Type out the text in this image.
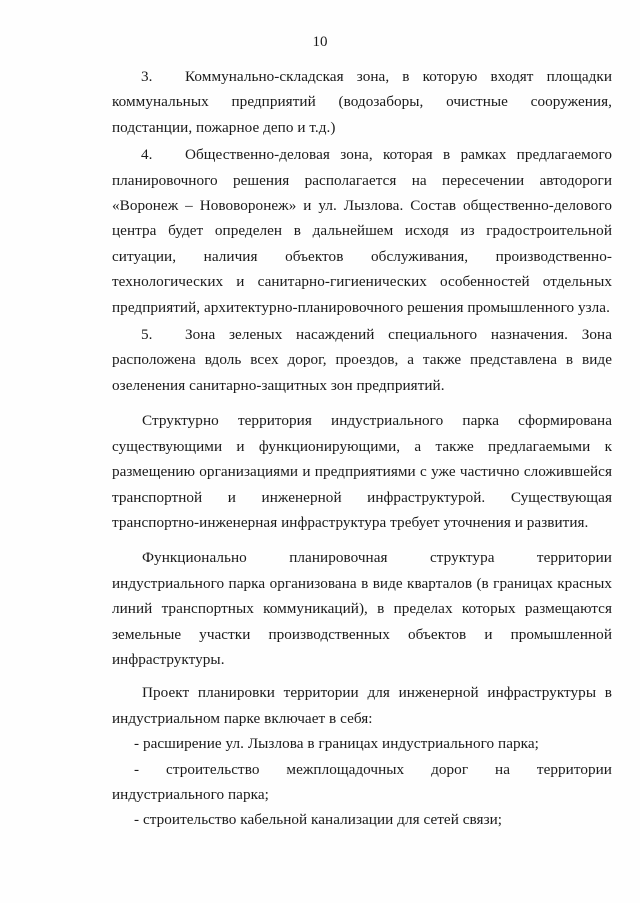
10

3. Коммунально-складская зона, в которую входят площадки коммунальных предприятий (водозаборы, очистные сооружения, подстанции, пожарное депо и т.д.)

4. Общественно-деловая зона, которая в рамках предлагаемого планировочного решения располагается на пересечении автодороги «Воронеж – Нововоронеж» и ул. Лызлова. Состав общественно-делового центра будет определен в дальнейшем исходя из градостроительной ситуации, наличия объектов обслуживания, производственно-технологических и санитарно-гигиенических особенностей отдельных предприятий, архитектурно-планировочного решения промышленного узла.

5. Зона зеленых насаждений специального назначения. Зона расположена вдоль всех дорог, проездов, а также представлена в виде озеленения санитарно-защитных зон предприятий.

Структурно территория индустриального парка сформирована существующими и функционирующими, а также предлагаемыми к размещению организациями и предприятиями с уже частично сложившейся транспортной и инженерной инфраструктурой. Существующая транспортно-инженерная инфраструктура требует уточнения и развития.

Функционально планировочная структура территории индустриального парка организована в виде кварталов (в границах красных линий транспортных коммуникаций), в пределах которых размещаются земельные участки производственных объектов и промышленной инфраструктуры.

Проект планировки территории для инженерной инфраструктуры в индустриальном парке включает в себя:

- расширение ул. Лызлова в границах индустриального парка;

- строительство межплощадочных дорог на территории индустриального парка;

- строительство кабельной канализации для сетей связи;
